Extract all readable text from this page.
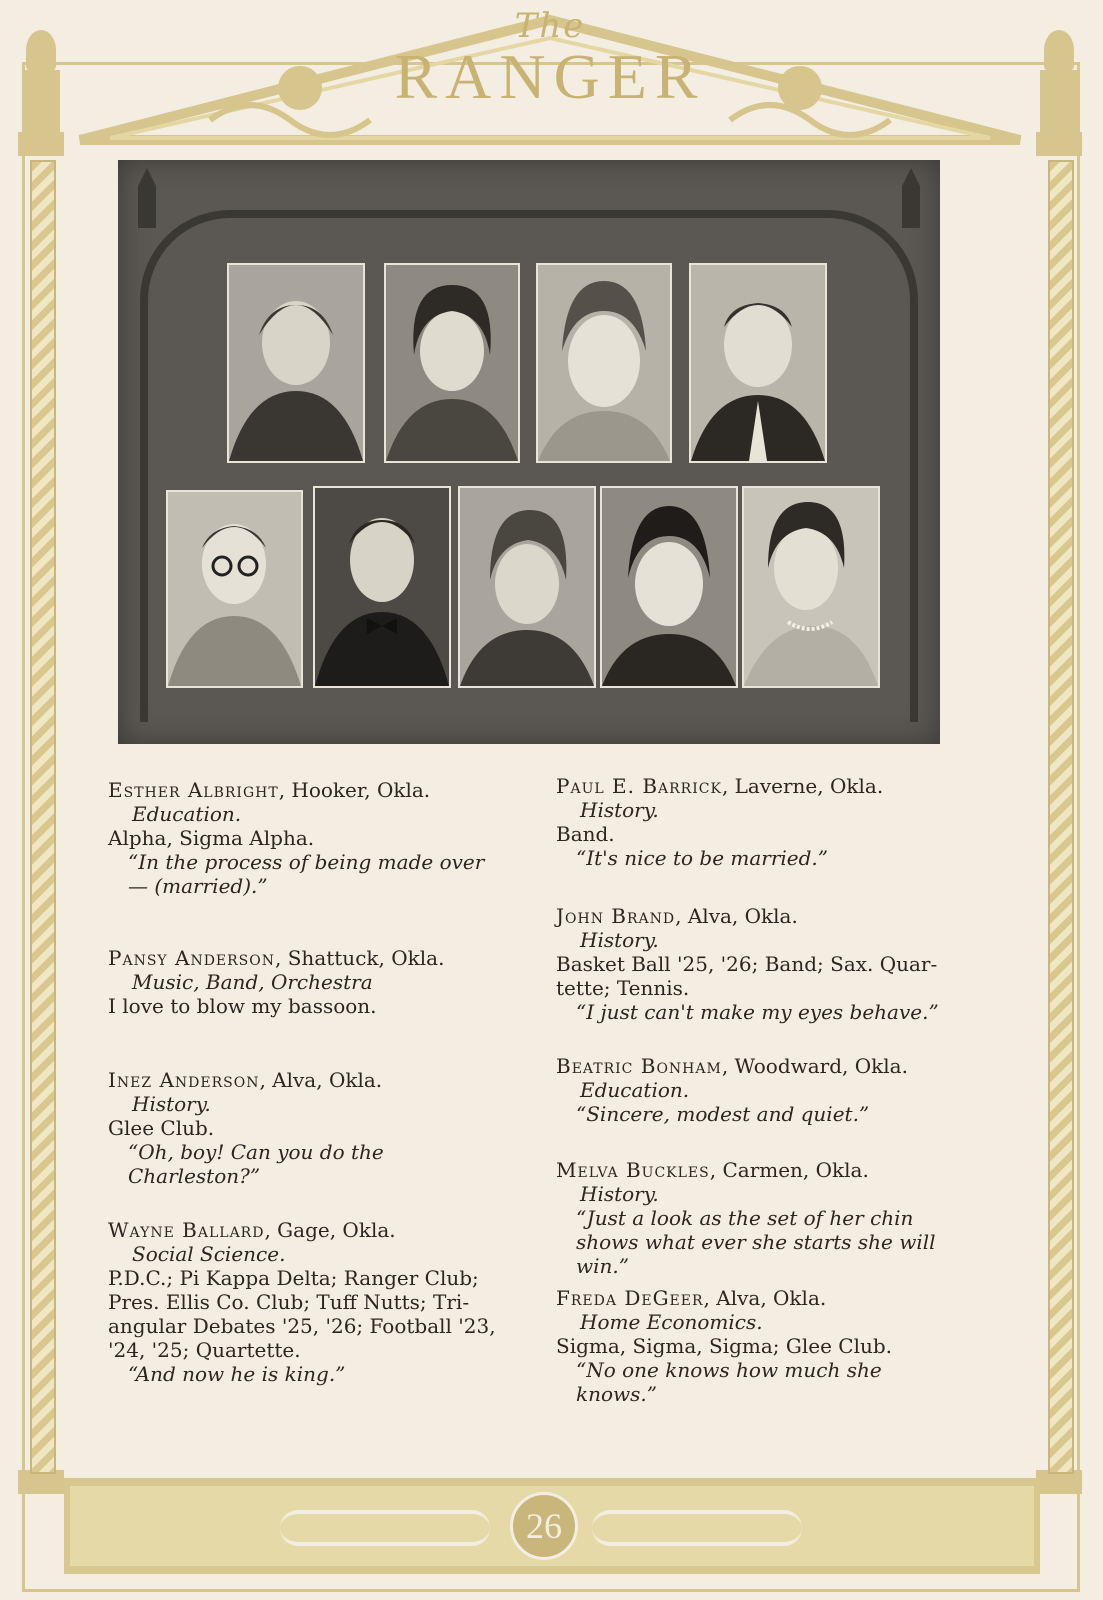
The
RANGER
Esther Albright, Hooker, Okla.
Education.
Alpha, Sigma Alpha.
“In the process of being made over— (married).”
Pansy Anderson, Shattuck, Okla.
Music, Band, Orchestra
I love to blow my bassoon.
Inez Anderson, Alva, Okla.
History.
Glee Club.
“Oh, boy! Can you do the Charleston?”
Wayne Ballard, Gage, Okla.
Social Science.
P.D.C.; Pi Kappa Delta; Ranger Club; Pres. Ellis Co. Club; Tuff Nutts; Tri-angular Debates '25, '26; Football '23, '24, '25; Quartette.
“And now he is king.”
Paul E. Barrick, Laverne, Okla.
History.
Band.
“It's nice to be married.”
John Brand, Alva, Okla.
History.
Basket Ball '25, '26; Band; Sax. Quar-tette; Tennis.
“I just can't make my eyes behave.”
Beatric Bonham, Woodward, Okla.
Education.
“Sincere, modest and quiet.”
Melva Buckles, Carmen, Okla.
History.
“Just a look as the set of her chin shows what ever she starts she will win.”
Freda DeGeer, Alva, Okla.
Home Economics.
Sigma, Sigma, Sigma; Glee Club.
“No one knows how much she knows.”
26
